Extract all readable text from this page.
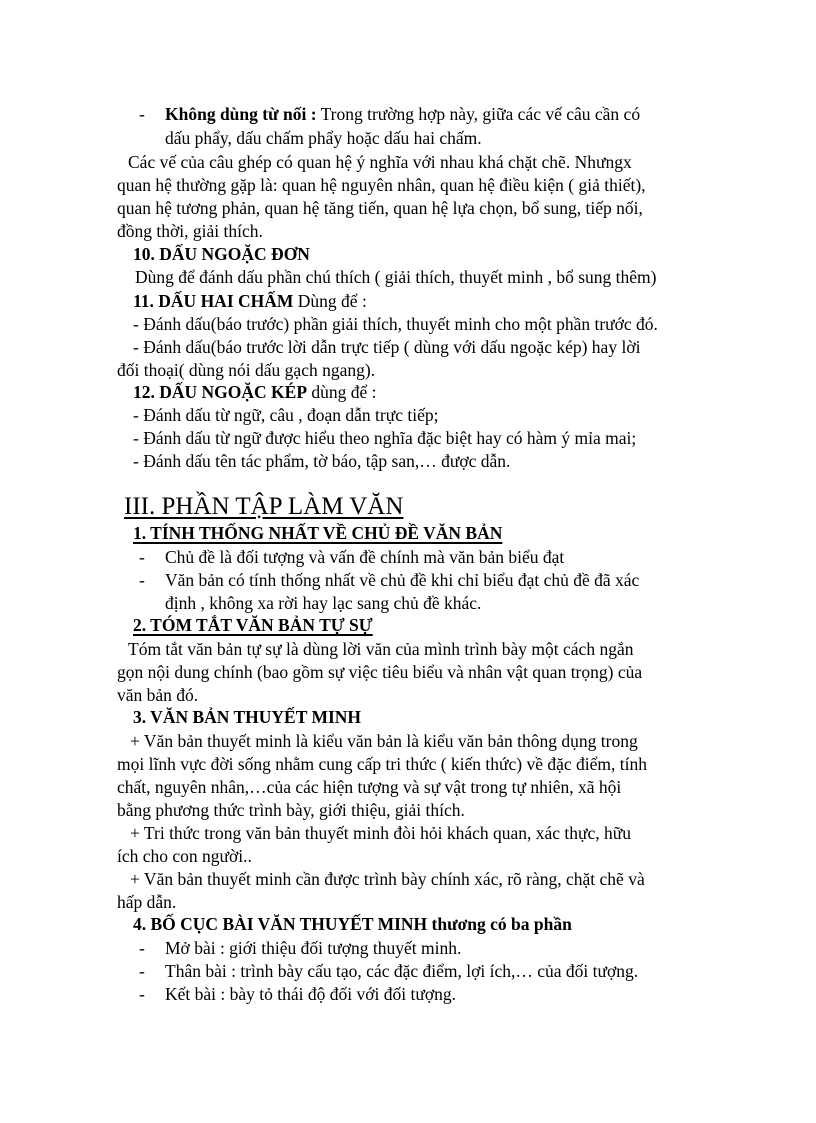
- Không dùng từ nối : Trong trường hợp này, giữa các vế câu cần có
dấu phẩy, dấu chấm phẩy hoặc dấu hai chấm.
Các vế của câu ghép có quan hệ ý nghĩa với nhau khá chặt chẽ. Nhưngx
quan hệ thường gặp là: quan hệ nguyên nhân, quan hệ điều kiện ( giả thiết),
quan hệ tương phản, quan hệ tăng tiến, quan hệ lựa chọn, bổ sung, tiếp nối,
đồng thời, giải thích.
10. DẤU NGOẶC ĐƠN
Dùng để đánh dấu phần chú thích ( giải thích, thuyết minh , bổ sung thêm)
11. DẤU HAI CHẤM Dùng để :
- Đánh dấu(báo trước) phần giải thích, thuyết minh cho một phần trước đó.
- Đánh dấu(báo trước lời dẫn trực tiếp ( dùng với dấu ngoặc kép) hay lời
đối thoại( dùng nói dấu gạch ngang).
12. DẤU NGOẶC KÉP dùng để :
- Đánh dấu từ ngữ, câu , đoạn dẫn trực tiếp;
- Đánh dấu từ ngữ được hiểu theo nghĩa đặc biệt hay có hàm ý mỉa mai;
- Đánh dấu tên tác phẩm, tờ báo, tập san,… được dẫn.
III. PHẦN TẬP LÀM VĂN
1. TÍNH THỐNG NHẤT VỀ CHỦ ĐỀ VĂN BẢN
- Chủ đề là đối tượng và vấn đề chính mà văn bản biểu đạt
- Văn bản có tính thống nhất về chủ đề khi chỉ biểu đạt chủ đề đã xác
định , không xa rời hay lạc sang chủ đề khác.
2. TÓM TẮT VĂN BẢN TỰ SỰ
Tóm tắt văn bản tự sự là dùng lời văn của mình trình bày một cách ngắn
gọn nội dung chính (bao gồm sự việc tiêu biểu và nhân vật quan trọng) của
văn bản đó.
3. VĂN BẢN THUYẾT MINH
+ Văn bản thuyết minh là kiểu văn bản là kiểu văn bản thông dụng trong
mọi lĩnh vực đời sống nhằm cung cấp tri thức ( kiến thức) về đặc điểm, tính
chất, nguyên nhân,…của các hiện tượng và sự vật trong tự nhiên, xã hội
bằng phương thức trình bày, giới thiệu, giải thích.
+ Tri thức trong văn bản thuyết minh đòi hỏi khách quan, xác thực, hữu
ích cho con người..
+ Văn bản thuyết minh cần được trình bày chính xác, rõ ràng, chặt chẽ và
hấp dẫn.
4. BỐ CỤC BÀI VĂN THUYẾT MINH thương có ba phần
- Mở bài : giới thiệu đối tượng thuyết minh.
- Thân bài : trình bày cấu tạo, các đặc điểm, lợi ích,… của đối tượng.
- Kết bài : bày tỏ thái độ đối với đối tượng.
